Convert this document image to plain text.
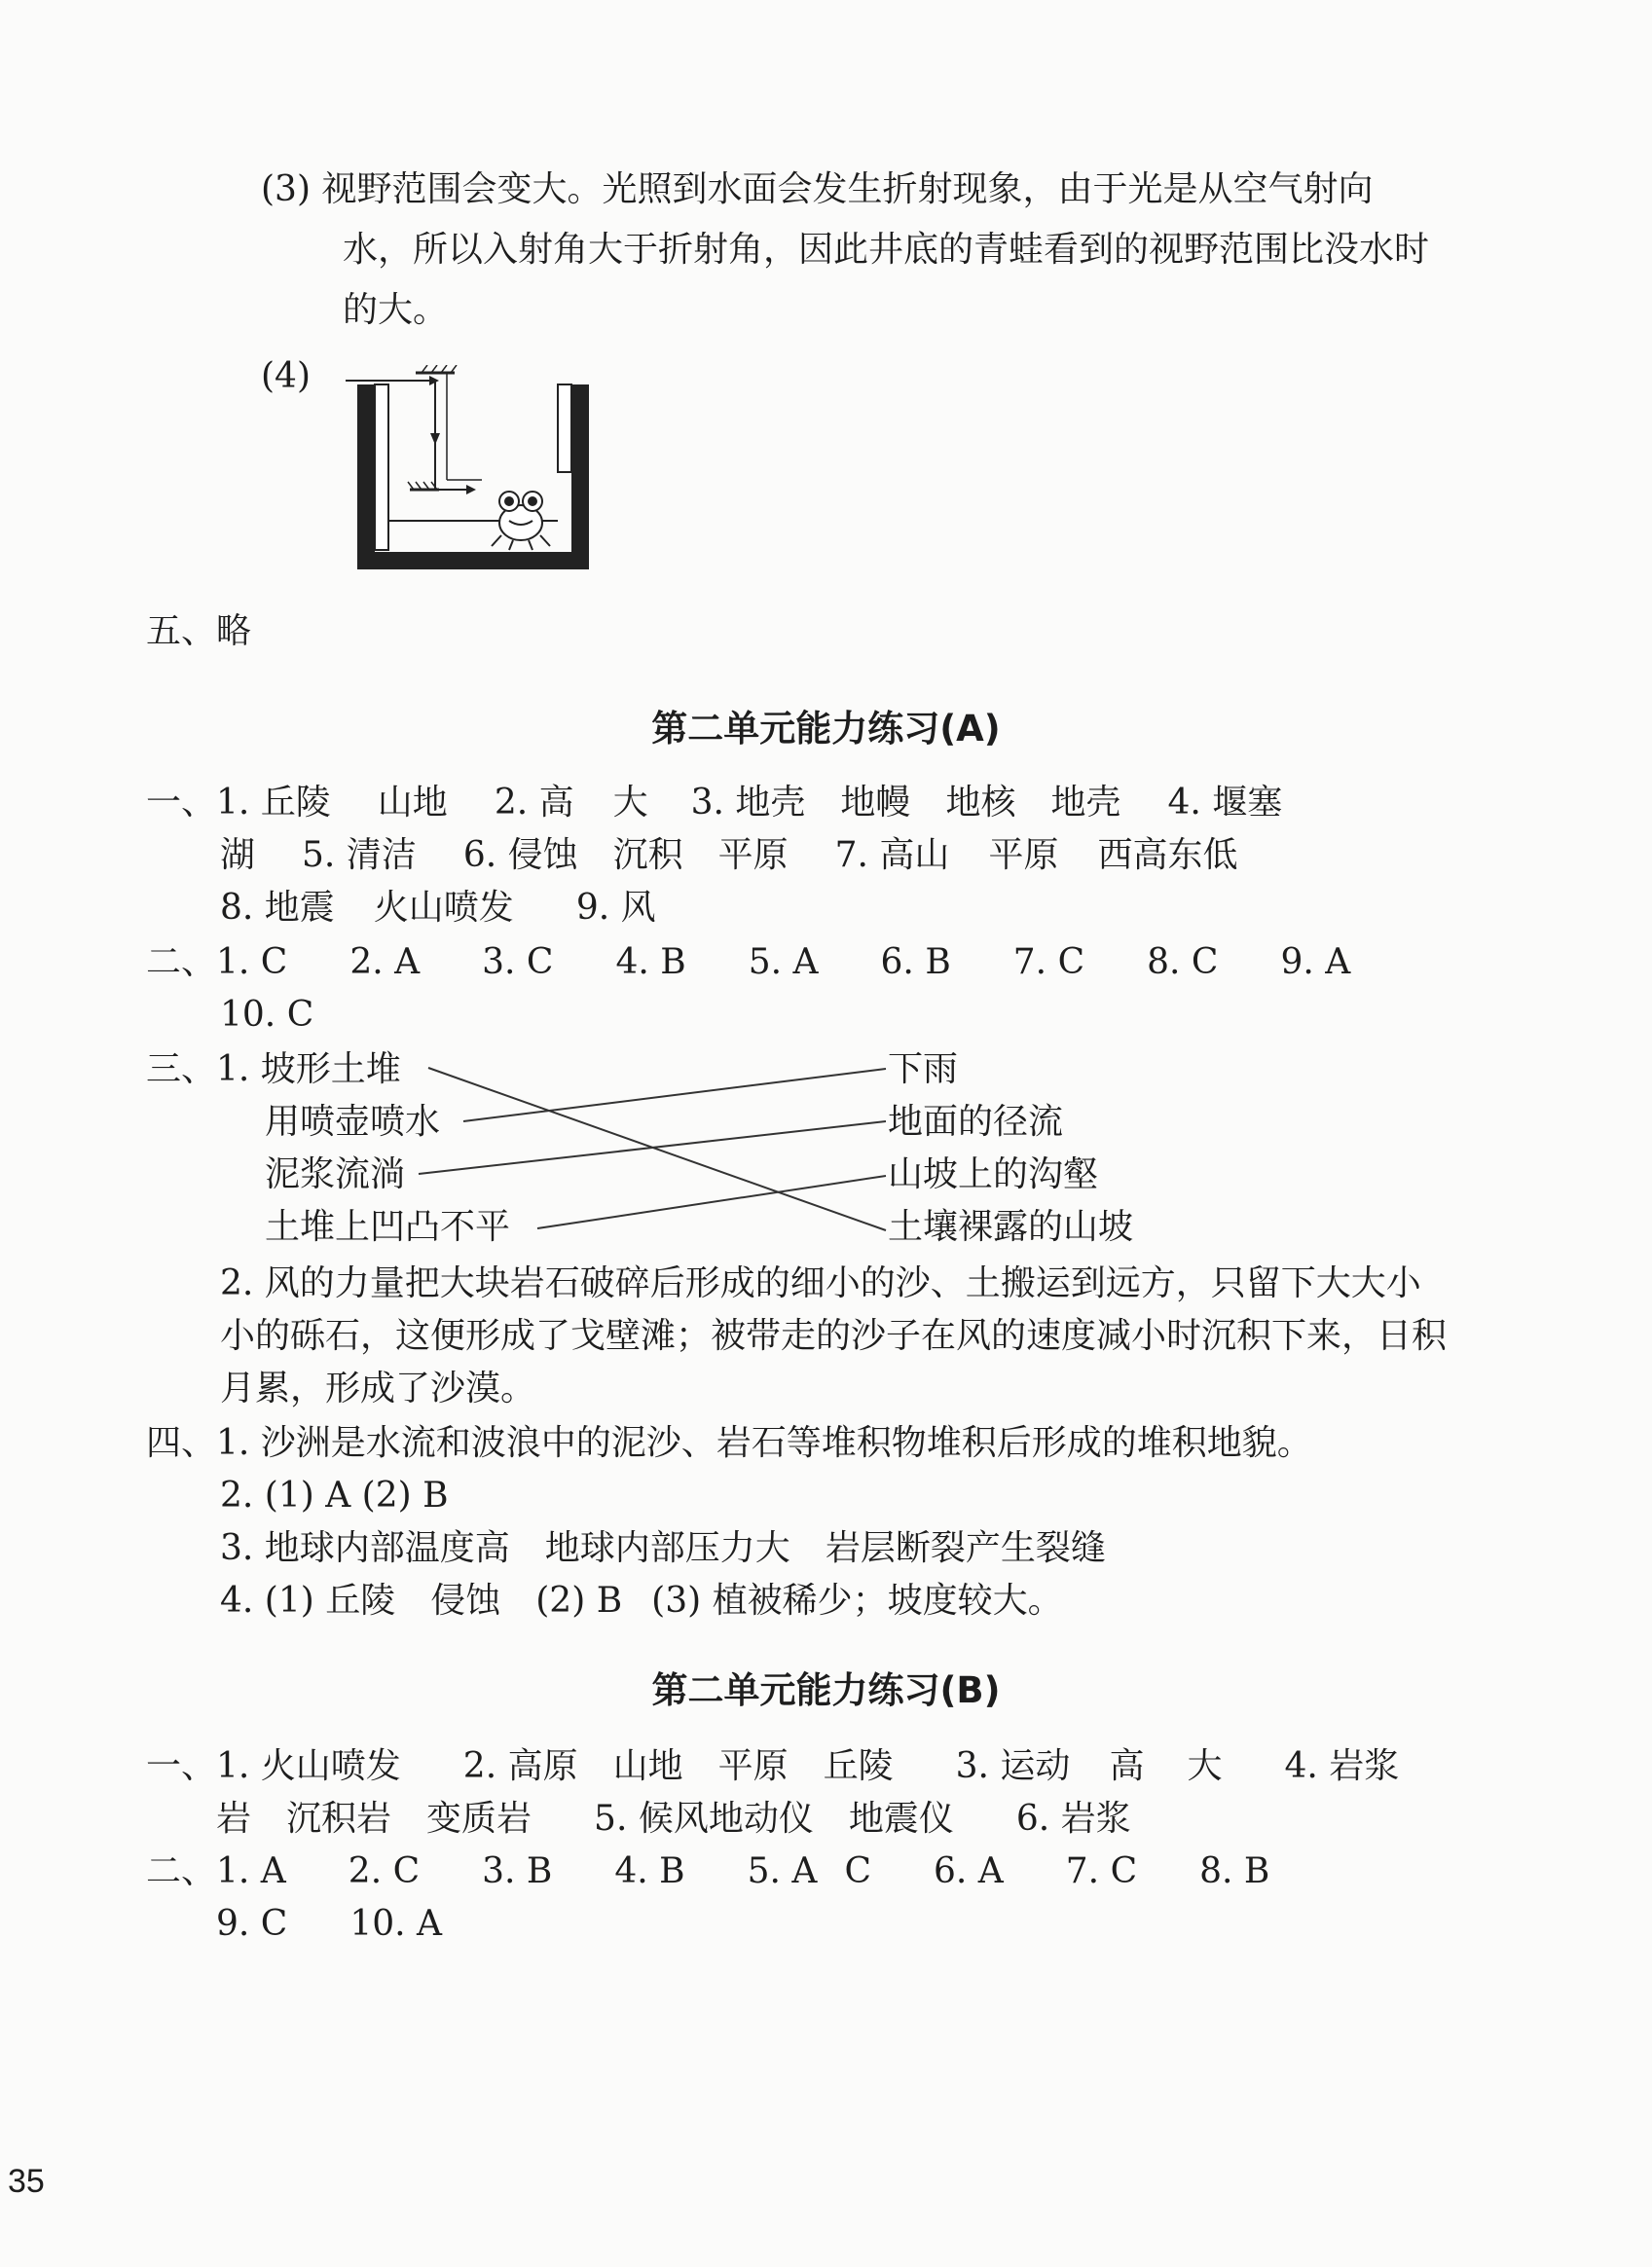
(3) 视野范围会变大。光照到水面会发生折射现象，由于光是从空气射向
水，所以入射角大于折射角，因此井底的青蛙看到的视野范围比没水时
的大。
(4)
五、略
第二单元能力练习(A)
一、1. 丘陵 山地 2. 高 大 3. 地壳 地幔 地核 地壳 4. 堰塞
湖 5. 清洁 6. 侵蚀 沉积 平原 7. 高山 平原 西高东低
8. 地震 火山喷发 9. 风
二、1. C 2. A 3. C 4. B 5. A 6. B 7. C 8. C 9. A
10. C
三、1. 坡形土堆
用喷壶喷水
泥浆流淌
土堆上凹凸不平
下雨
地面的径流
山坡上的沟壑
土壤裸露的山坡
2. 风的力量把大块岩石破碎后形成的细小的沙、土搬运到远方，只留下大大小
小的砾石，这便形成了戈壁滩；被带走的沙子在风的速度减小时沉积下来，日积
月累，形成了沙漠。
四、1. 沙洲是水流和波浪中的泥沙、岩石等堆积物堆积后形成的堆积地貌。
2. (1) A (2) B
3. 地球内部温度高 地球内部压力大 岩层断裂产生裂缝
4. (1) 丘陵 侵蚀 (2) B (3) 植被稀少；坡度较大。
第二单元能力练习(B)
一、1. 火山喷发 2. 高原 山地 平原 丘陵 3. 运动 高 大 4. 岩浆
岩 沉积岩 变质岩 5. 候风地动仪 地震仪 6. 岩浆
二、1. A 2. C 3. B 4. B 5. A C 6. A 7. C 8. B
9. C 10. A
35
